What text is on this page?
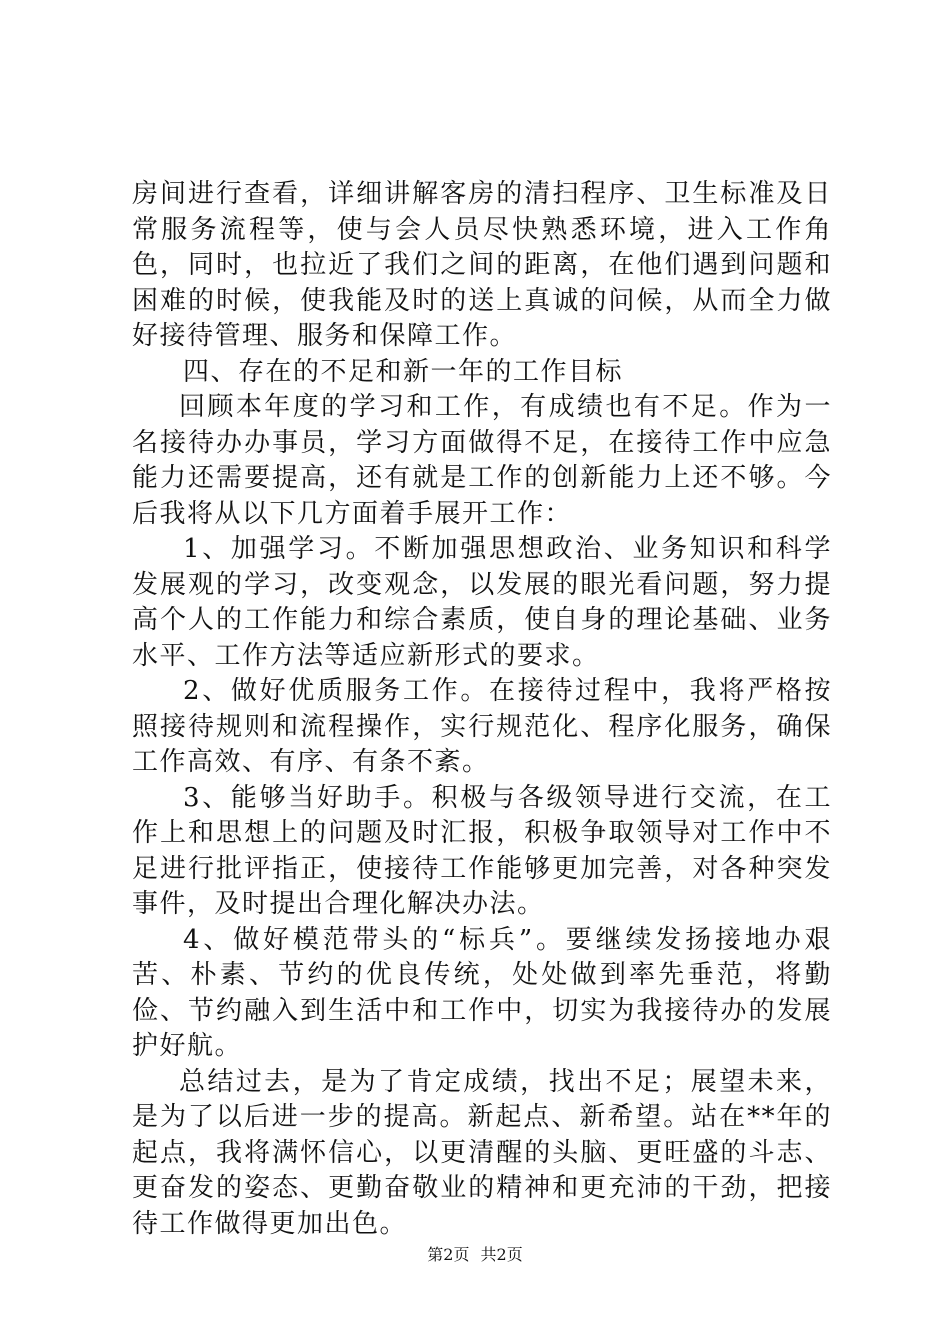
房间进行查看，详细讲解客房的清扫程序、卫生标准及日常服务流程等，使与会人员尽快熟悉环境，进入工作角色，同时，也拉近了我们之间的距离，在他们遇到问题和困难的时候，使我能及时的送上真诚的问候，从而全力做好接待管理、服务和保障工作。

四、存在的不足和新一年的工作目标

回顾本年度的学习和工作，有成绩也有不足。作为一名接待办办事员，学习方面做得不足，在接待工作中应急能力还需要提高，还有就是工作的创新能力上还不够。今后我将从以下几方面着手展开工作：

1、加强学习。不断加强思想政治、业务知识和科学发展观的学习，改变观念，以发展的眼光看问题，努力提高个人的工作能力和综合素质，使自身的理论基础、业务水平、工作方法等适应新形式的要求。

2、做好优质服务工作。在接待过程中，我将严格按照接待规则和流程操作，实行规范化、程序化服务，确保工作高效、有序、有条不紊。

3、能够当好助手。积极与各级领导进行交流，在工作上和思想上的问题及时汇报，积极争取领导对工作中不足进行批评指正，使接待工作能够更加完善，对各种突发事件，及时提出合理化解决办法。

4、做好模范带头的“标兵”。要继续发扬接地办艰苦、朴素、节约的优良传统，处处做到率先垂范，将勤俭、节约融入到生活中和工作中，切实为我接待办的发展护好航。

总结过去，是为了肯定成绩，找出不足；展望未来，是为了以后进一步的提高。新起点、新希望。站在**年的起点，我将满怀信心，以更清醒的头脑、更旺盛的斗志、更奋发的姿态、更勤奋敬业的精神和更充沛的干劲，把接待工作做得更加出色。

第2页 共2页
